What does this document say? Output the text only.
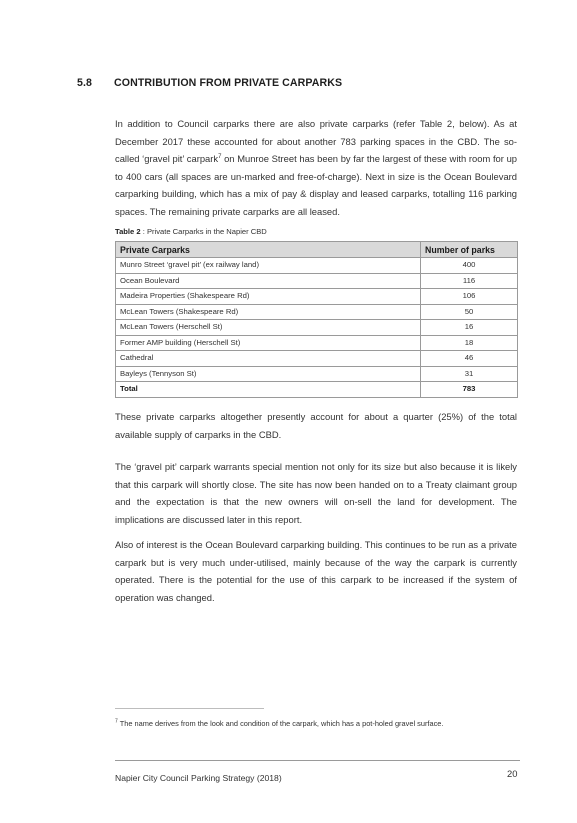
5.8 CONTRIBUTION FROM PRIVATE CARPARKS

In addition to Council carparks there are also private carparks (refer Table 2, below). As at December 2017 these accounted for about another 783 parking spaces in the CBD. The so-called ‘gravel pit’ carpark$^7$ on Munroe Street has been by far the largest of these with room for up to 400 cars (all spaces are un-marked and free-of-charge). Next in size is the Ocean Boulevard carparking building, which has a mix of pay & display and leased carparks, totalling 116 parking spaces. The remaining private carparks are all leased.

Table 2 : Private Carparks in the Napier CBD
Private Carparks	Number of parks
Munro Street ‘gravel pit’ (ex railway land)	400
Ocean Boulevard	116
Madeira Properties (Shakespeare Rd)	106
McLean Towers (Shakespeare Rd)	50
McLean Towers (Herschell St)	16
Former AMP building (Herschell St)	18
Cathedral	46
Bayleys (Tennyson St)	31
Total	783

These private carparks altogether presently account for about a quarter (25%) of the total available supply of carparks in the CBD.

The ‘gravel pit’ carpark warrants special mention not only for its size but also because it is likely that this carpark will shortly close. The site has now been handed on to a Treaty claimant group and the expectation is that the new owners will on-sell the land for development. The implications are discussed later in this report.

Also of interest is the Ocean Boulevard carparking building. This continues to be run as a private carpark but is very much under-utilised, mainly because of the way the carpark is currently operated. There is the potential for the use of this carpark to be increased if the system of operation was changed.

$^7$ The name derives from the look and condition of the carpark, which has a pot-holed gravel surface.
Napier City Council Parking Strategy (2018)	20
